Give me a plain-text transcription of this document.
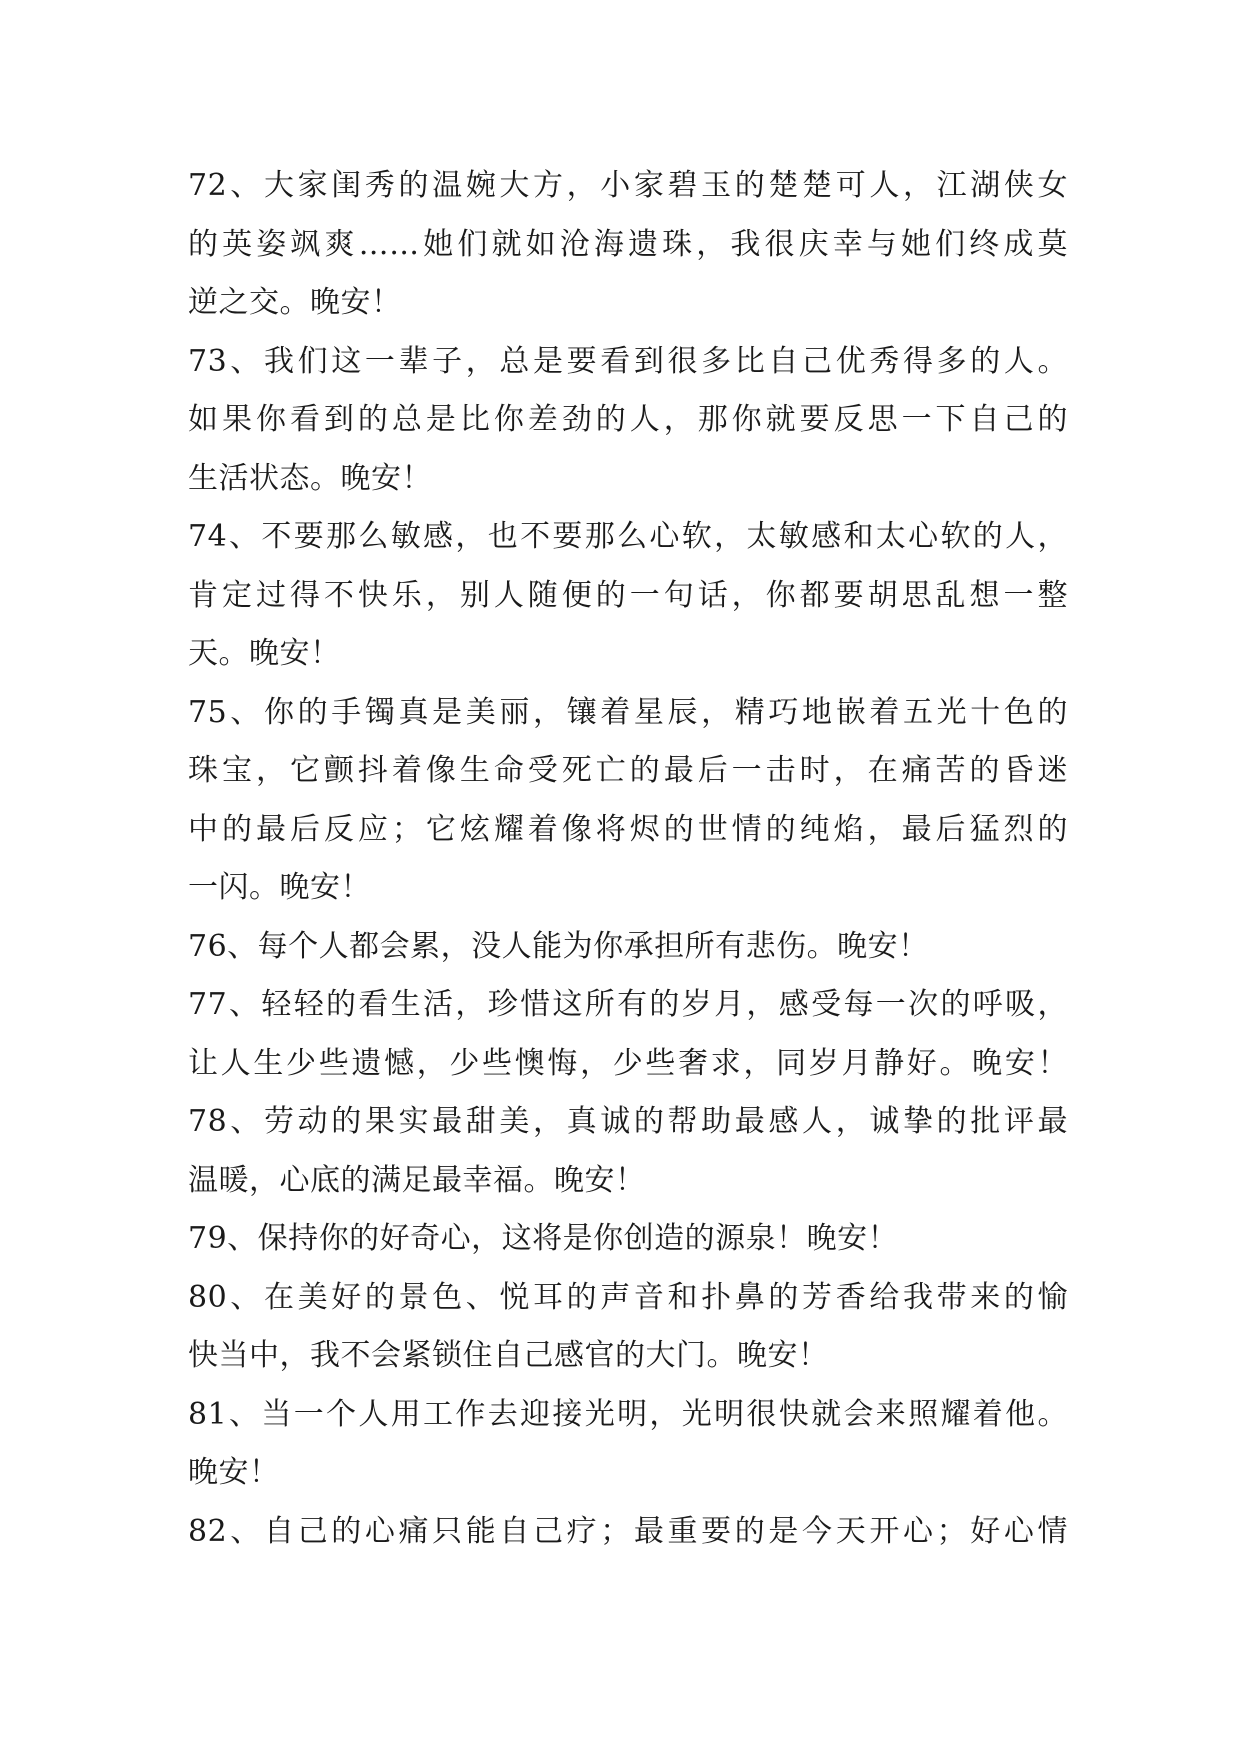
72、大家闺秀的温婉大方，小家碧玉的楚楚可人，江湖侠女
的英姿飒爽……她们就如沧海遗珠，我很庆幸与她们终成莫
逆之交。晚安！
73、我们这一辈子，总是要看到很多比自己优秀得多的人。
如果你看到的总是比你差劲的人，那你就要反思一下自己的
生活状态。晚安！
74、不要那么敏感，也不要那么心软，太敏感和太心软的人，
肯定过得不快乐，别人随便的一句话，你都要胡思乱想一整
天。晚安！
75、你的手镯真是美丽，镶着星辰，精巧地嵌着五光十色的
珠宝，它颤抖着像生命受死亡的最后一击时，在痛苦的昏迷
中的最后反应；它炫耀着像将烬的世情的纯焰，最后猛烈的
一闪。晚安！
76、每个人都会累，没人能为你承担所有悲伤。晚安！
77、轻轻的看生活，珍惜这所有的岁月，感受每一次的呼吸，
让人生少些遗憾，少些懊悔，少些奢求，同岁月静好。晚安！
78、劳动的果实最甜美，真诚的帮助最感人，诚挚的批评最
温暖，心底的满足最幸福。晚安！
79、保持你的好奇心，这将是你创造的源泉！晚安！
80、在美好的景色、悦耳的声音和扑鼻的芳香给我带来的愉
快当中，我不会紧锁住自己感官的大门。晚安！
81、当一个人用工作去迎接光明，光明很快就会来照耀着他。
晚安！
82、自己的心痛只能自己疗；最重要的是今天开心；好心情
